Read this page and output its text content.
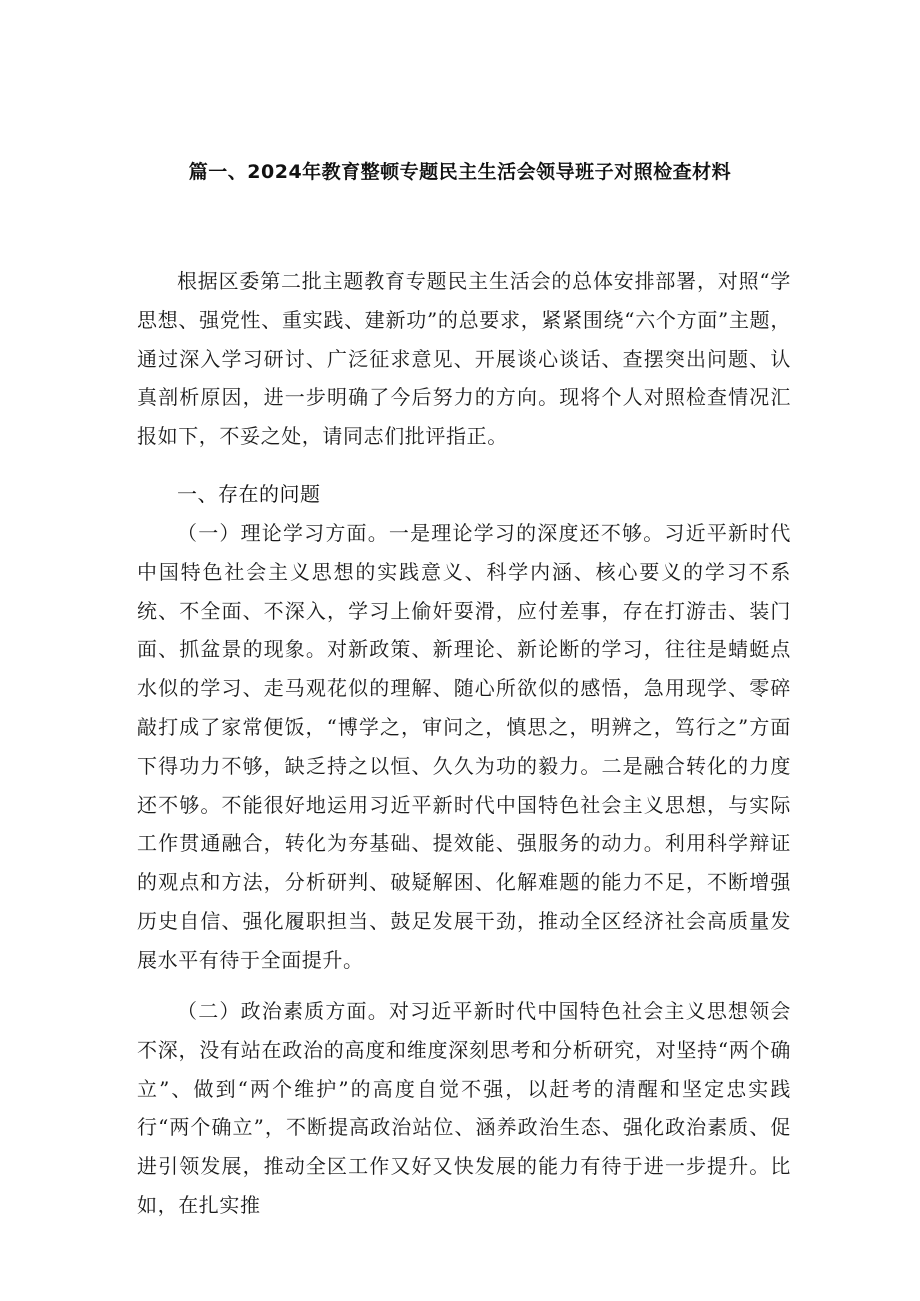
篇一、2024年教育整顿专题民主生活会领导班子对照检查材料

根据区委第二批主题教育专题民主生活会的总体安排部署，对照“学思想、强党性、重实践、建新功”的总要求，紧紧围绕“六个方面”主题，通过深入学习研讨、广泛征求意见、开展谈心谈话、查摆突出问题、认真剖析原因，进一步明确了今后努力的方向。现将个人对照检查情况汇报如下，不妥之处，请同志们批评指正。

一、存在的问题

（一）理论学习方面。一是理论学习的深度还不够。习近平新时代中国特色社会主义思想的实践意义、科学内涵、核心要义的学习不系统、不全面、不深入，学习上偷奸耍滑，应付差事，存在打游击、装门面、抓盆景的现象。对新政策、新理论、新论断的学习，往往是蜻蜓点水似的学习、走马观花似的理解、随心所欲似的感悟，急用现学、零碎敲打成了家常便饭，“博学之，审问之，慎思之，明辨之，笃行之”方面下得功力不够，缺乏持之以恒、久久为功的毅力。二是融合转化的力度还不够。不能很好地运用习近平新时代中国特色社会主义思想，与实际工作贯通融合，转化为夯基础、提效能、强服务的动力。利用科学辩证的观点和方法，分析研判、破疑解困、化解难题的能力不足，不断增强历史自信、强化履职担当、鼓足发展干劲，推动全区经济社会高质量发展水平有待于全面提升。

（二）政治素质方面。对习近平新时代中国特色社会主义思想领会不深，没有站在政治的高度和维度深刻思考和分析研究，对坚持“两个确立”、做到“两个维护”的高度自觉不强，以赶考的清醒和坚定忠实践行“两个确立”，不断提高政治站位、涵养政治生态、强化政治素质、促进引领发展，推动全区工作又好又快发展的能力有待于进一步提升。比如，在扎实推
